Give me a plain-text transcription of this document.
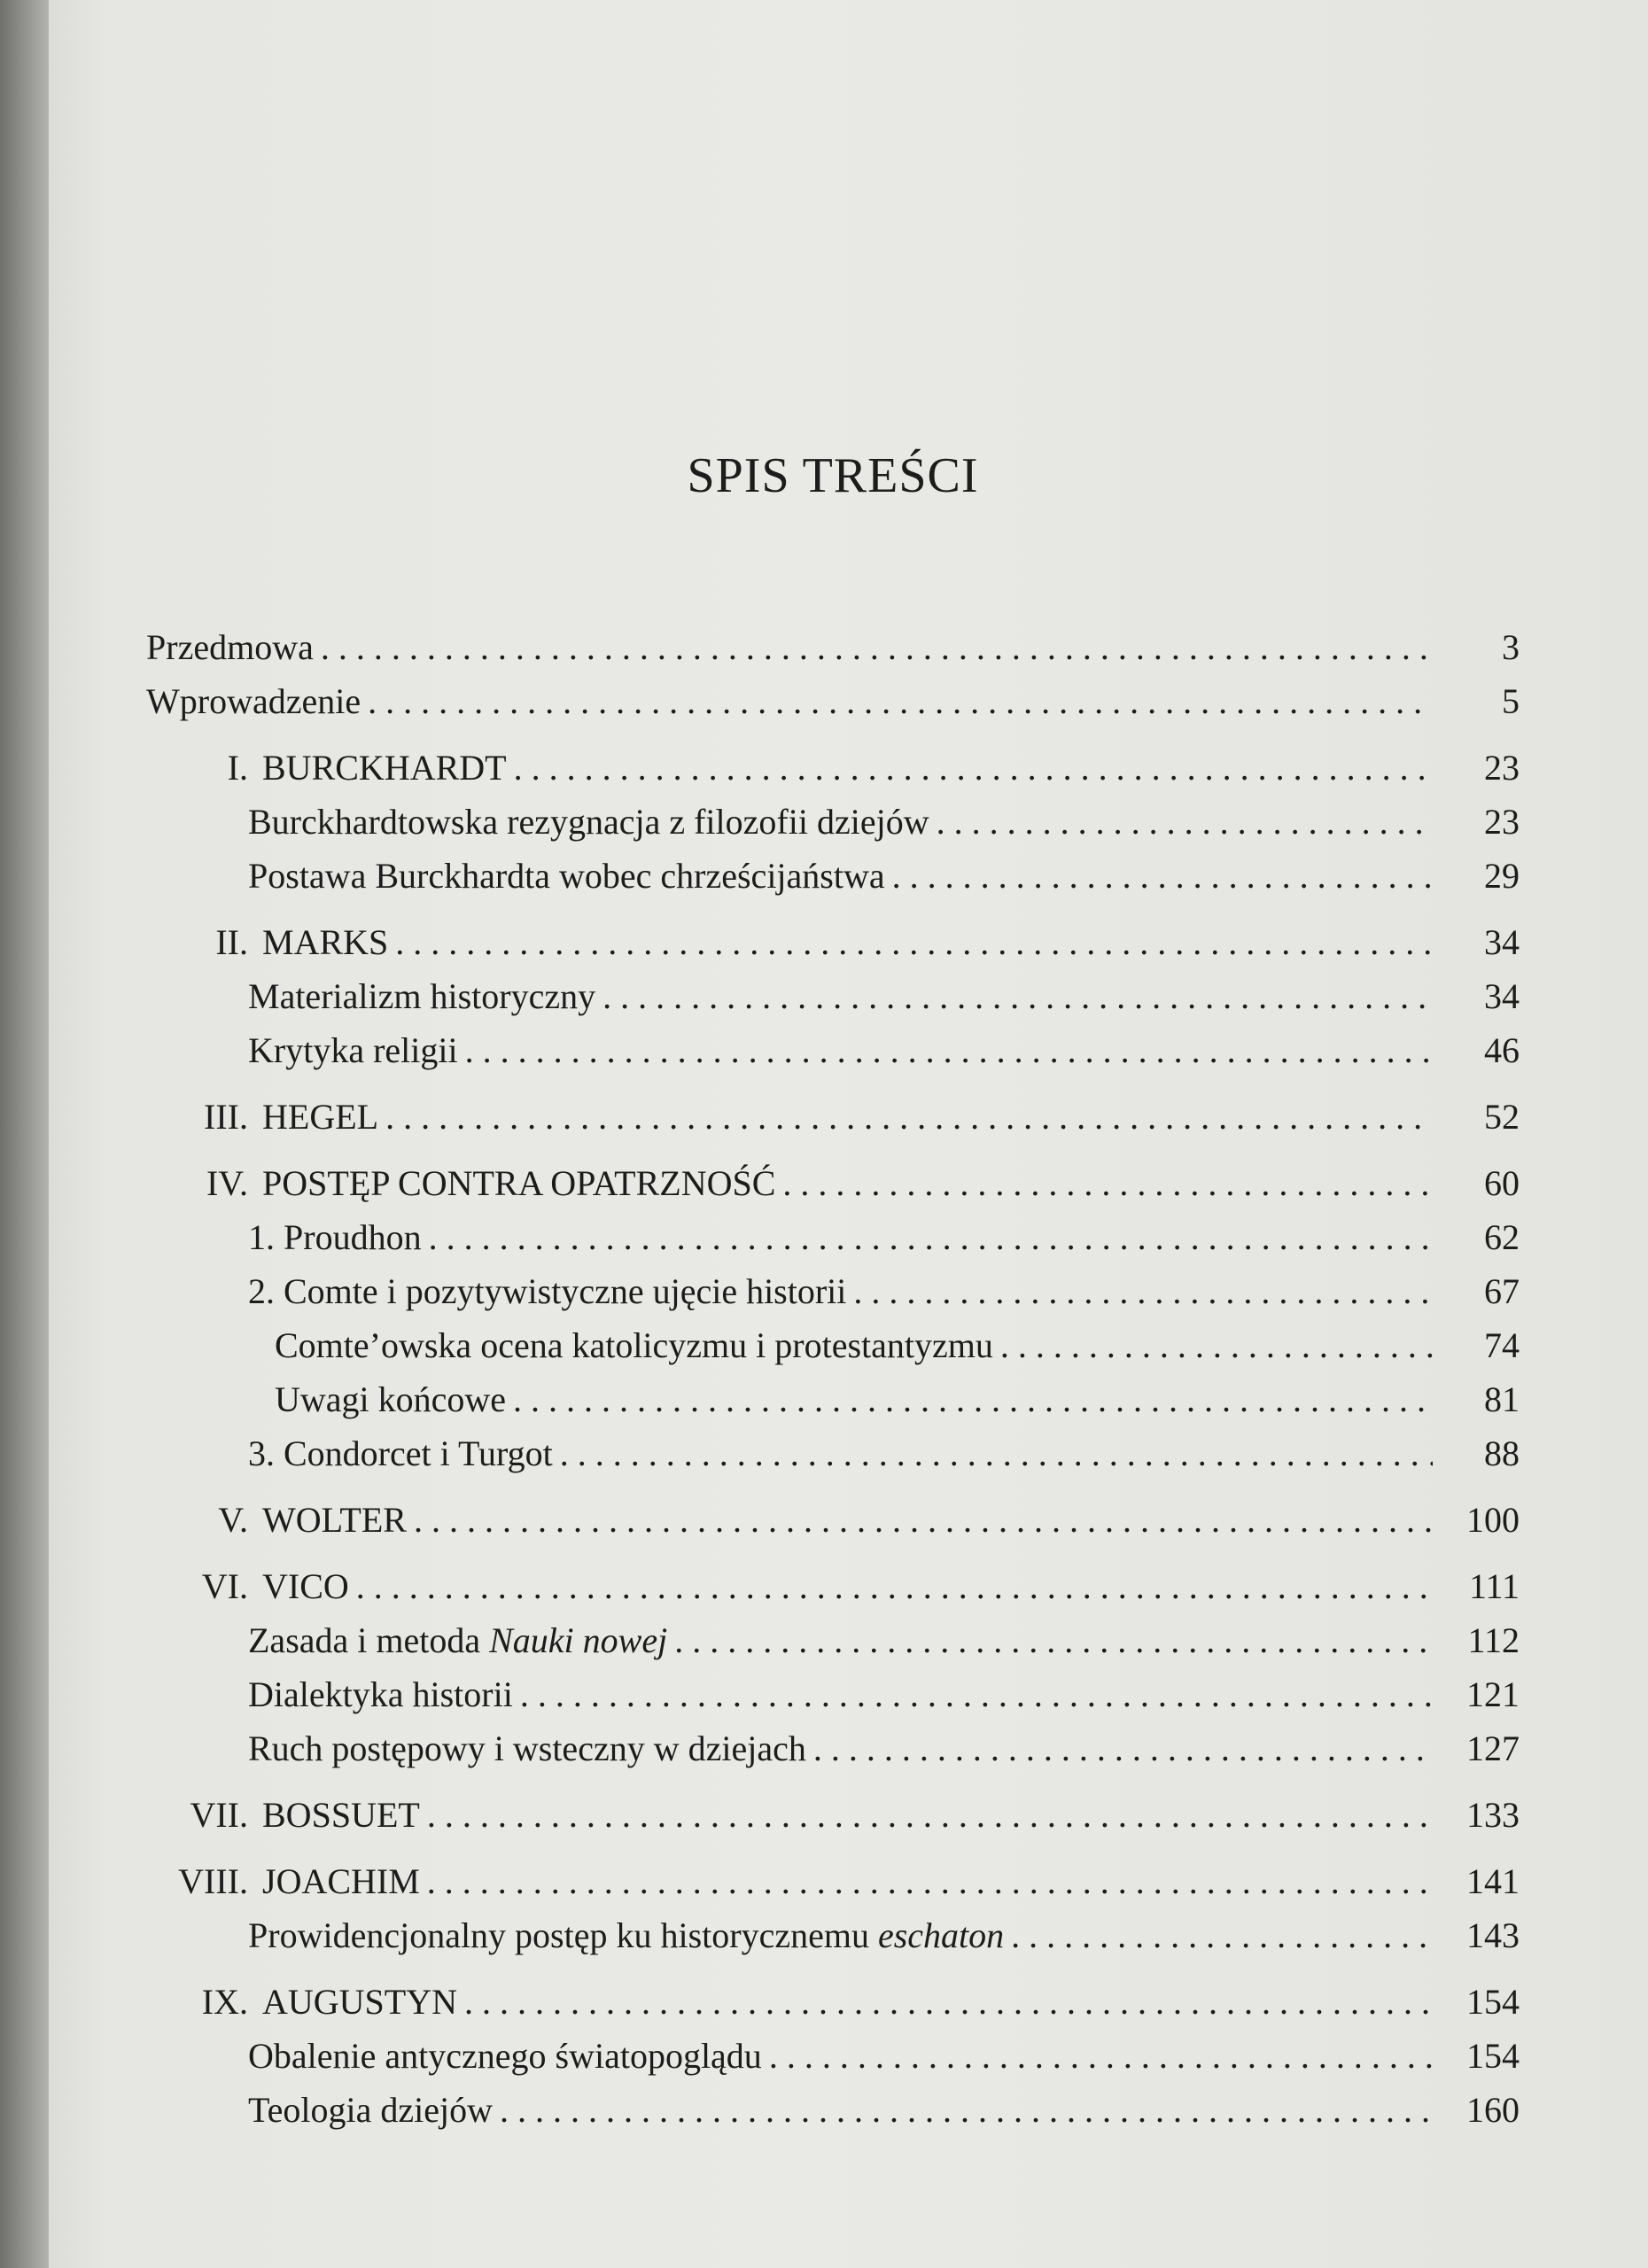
SPIS TREŚCI
Przedmowa . . .	3
Wprowadzenie . . .	5
I. BURCKHARDT . . .	23
Burckhardtowska rezygnacja z filozofii dziejów . . .	23
Postawa Burckhardta wobec chrześcijaństwa . . .	29
II. MARKS . . .	34
Materializm historyczny . . .	34
Krytyka religii . . .	46
III. HEGEL . . .	52
IV. POSTĘP CONTRA OPATRZNOŚĆ . . .	60
1. Proudhon . . .	62
2. Comte i pozytywistyczne ujęcie historii . . .	67
Comte’owska ocena katolicyzmu i protestantyzmu . . .	74
Uwagi końcowe . . .	81
3. Condorcet i Turgot . . .	88
V. WOLTER . . .	100
VI. VICO . . .	111
Zasada i metoda Nauki nowej . . .	112
Dialektyka historii . . .	121
Ruch postępowy i wsteczny w dziejach . . .	127
VII. BOSSUET . . .	133
VIII. JOACHIM . . .	141
Prowidencjonalny postęp ku historycznemu eschaton . . .	143
IX. AUGUSTYN . . .	154
Obalenie antycznego światopoglądu . . .	154
Teologia dziejów . . .	160
